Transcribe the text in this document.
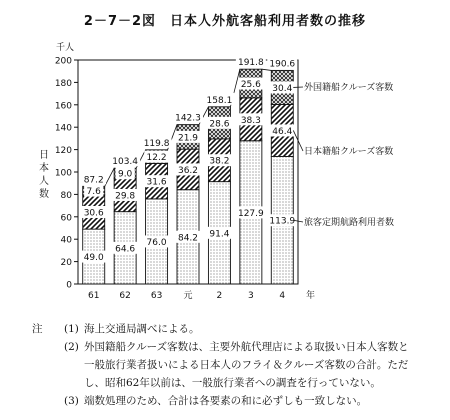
2－7－2図　日本人外航客船利用者数の推移
0
20
40
60
80
100
120
140
160
180
200
千人
日
本
人
数
61 62 63 元	2	3	4 年
49.0
30.6
7.6
87.2
64.6
29.8
9.0
103.4
76.0
31.6
12.2
119.8
84.2
36.2
21.9
142.3
91.4
38.2
28.6
158.1
127.9
38.3
25.6
191.8
113.9
46.4
30.4
190.6
旅客定期航路利用者数
日本籍船クルーズ客数
外国籍船クルーズ客数
注 (1) 海上交通局調べによる。
(2) 外国籍船クルーズ客数は、主要外航代理店による取扱い日本人客数と
一般旅行業者扱いによる日本人のフライ＆クルーズ客数の合計。ただ
し、昭和62年以前は、一般旅行業者への調査を行っていない。
(3) 端数処理のため、合計は各要素の和に必ずしも一致しない。
